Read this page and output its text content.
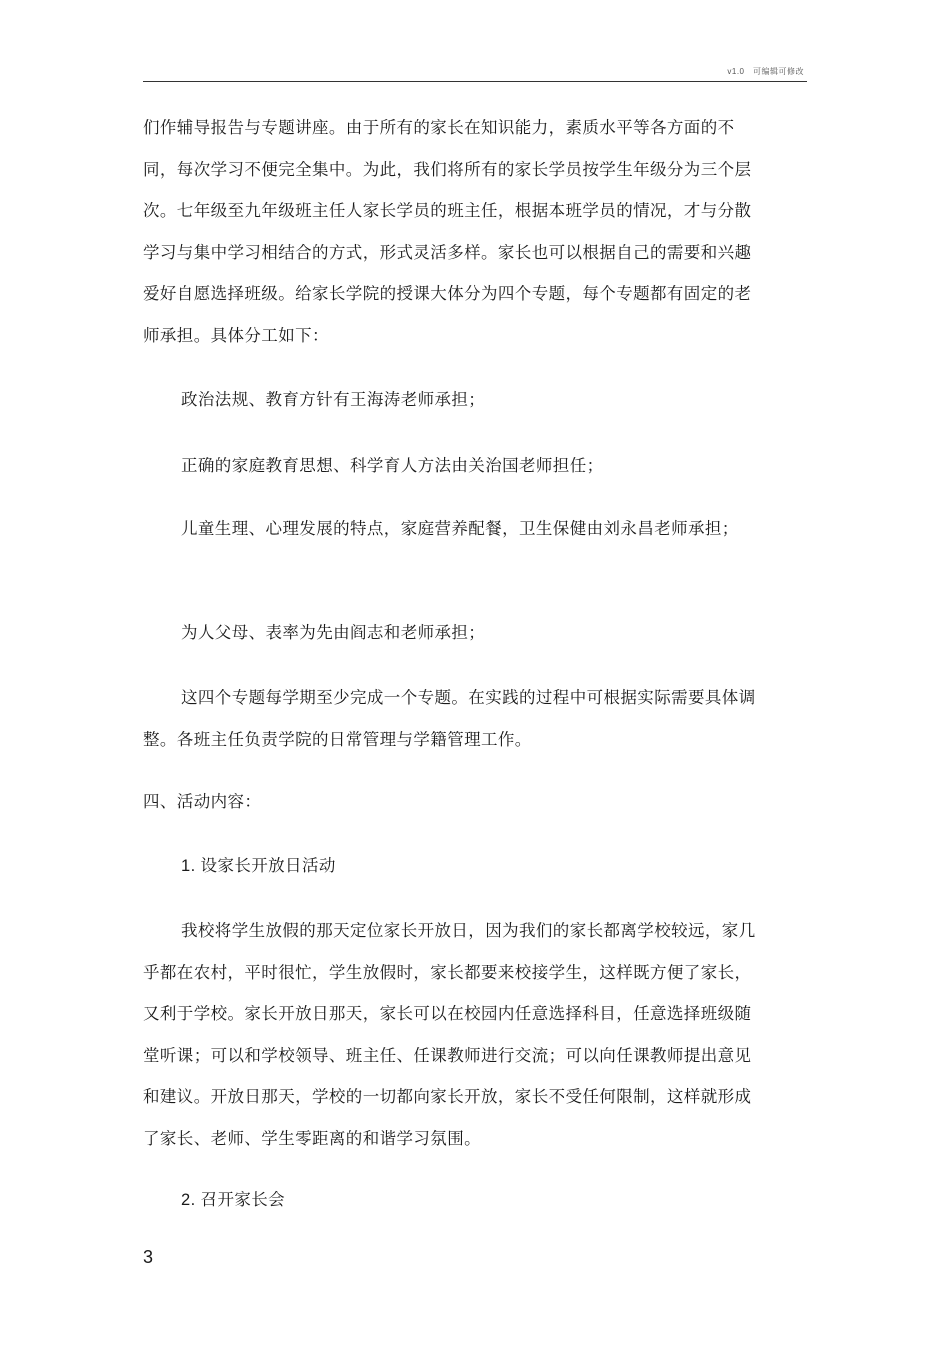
v1.0　可编辑可修改

们作辅导报告与专题讲座。由于所有的家长在知识能力，素质水平等各方面的不同，每次学习不便完全集中。为此，我们将所有的家长学员按学生年级分为三个层次。七年级至九年级班主任人家长学员的班主任，根据本班学员的情况，才与分散学习与集中学习相结合的方式，形式灵活多样。家长也可以根据自己的需要和兴趣爱好自愿选择班级。给家长学院的授课大体分为四个专题，每个专题都有固定的老师承担。具体分工如下：

政治法规、教育方针有王海涛老师承担；

正确的家庭教育思想、科学育人方法由关治国老师担任；

儿童生理、心理发展的特点，家庭营养配餐，卫生保健由刘永昌老师承担；

为人父母、表率为先由阎志和老师承担；

这四个专题每学期至少完成一个专题。在实践的过程中可根据实际需要具体调整。各班主任负责学院的日常管理与学籍管理工作。

四、活动内容：

1. 设家长开放日活动

我校将学生放假的那天定位家长开放日，因为我们的家长都离学校较远，家几乎都在农村，平时很忙，学生放假时，家长都要来校接学生，这样既方便了家长，又利于学校。家长开放日那天，家长可以在校园内任意选择科目，任意选择班级随堂听课；可以和学校领导、班主任、任课教师进行交流；可以向任课教师提出意见和建议。开放日那天，学校的一切都向家长开放，家长不受任何限制，这样就形成了家长、老师、学生零距离的和谐学习氛围。

2. 召开家长会

3
